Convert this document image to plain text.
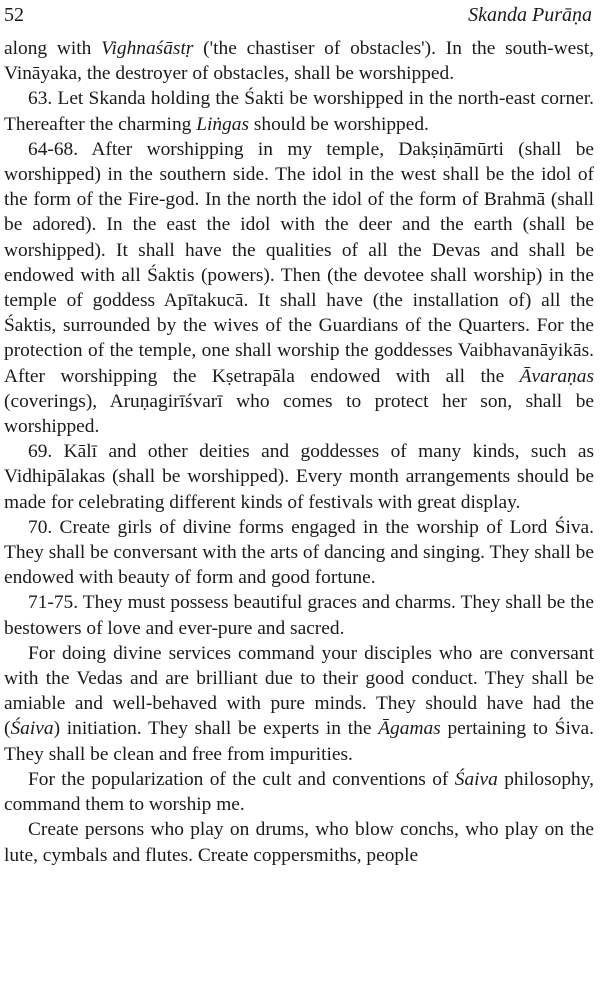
52	Skanda Purāṇa

along with Vighnaśāstṛ ('the chastiser of obstacles'). In the south-west, Vināyaka, the destroyer of obstacles, shall be worshipped.

63. Let Skanda holding the Śakti be worshipped in the north-east corner. Thereafter the charming Liṅgas should be worshipped.

64-68. After worshipping in my temple, Dakṣiṇāmūrti (shall be worshipped) in the southern side. The idol in the west shall be the idol of the form of the Fire-god. In the north the idol of the form of Brahmā (shall be adored). In the east the idol with the deer and the earth (shall be worshipped). It shall have the qualities of all the Devas and shall be endowed with all Śaktis (powers). Then (the devotee shall worship) in the temple of goddess Apītakucā. It shall have (the installation of) all the Śaktis, surrounded by the wives of the Guardians of the Quarters. For the protection of the temple, one shall worship the goddesses Vaibhavanāyikās. After worshipping the Kṣetrapāla endowed with all the Āvaraṇas (coverings), Aruṇagirīśvarī who comes to protect her son, shall be worshipped.

69. Kālī and other deities and goddesses of many kinds, such as Vidhipālakas (shall be worshipped). Every month arrangements should be made for celebrating different kinds of festivals with great display.

70. Create girls of divine forms engaged in the worship of Lord Śiva. They shall be conversant with the arts of dancing and singing. They shall be endowed with beauty of form and good fortune.

71-75. They must possess beautiful graces and charms. They shall be the bestowers of love and ever-pure and sacred.

For doing divine services command your disciples who are conversant with the Vedas and are brilliant due to their good conduct. They shall be amiable and well-behaved with pure minds. They should have had the (Śaiva) initiation. They shall be experts in the Āgamas pertaining to Śiva. They shall be clean and free from impurities.

For the popularization of the cult and conventions of Śaiva philosophy, command them to worship me.

Create persons who play on drums, who blow conchs, who play on the lute, cymbals and flutes. Create coppersmiths, people
